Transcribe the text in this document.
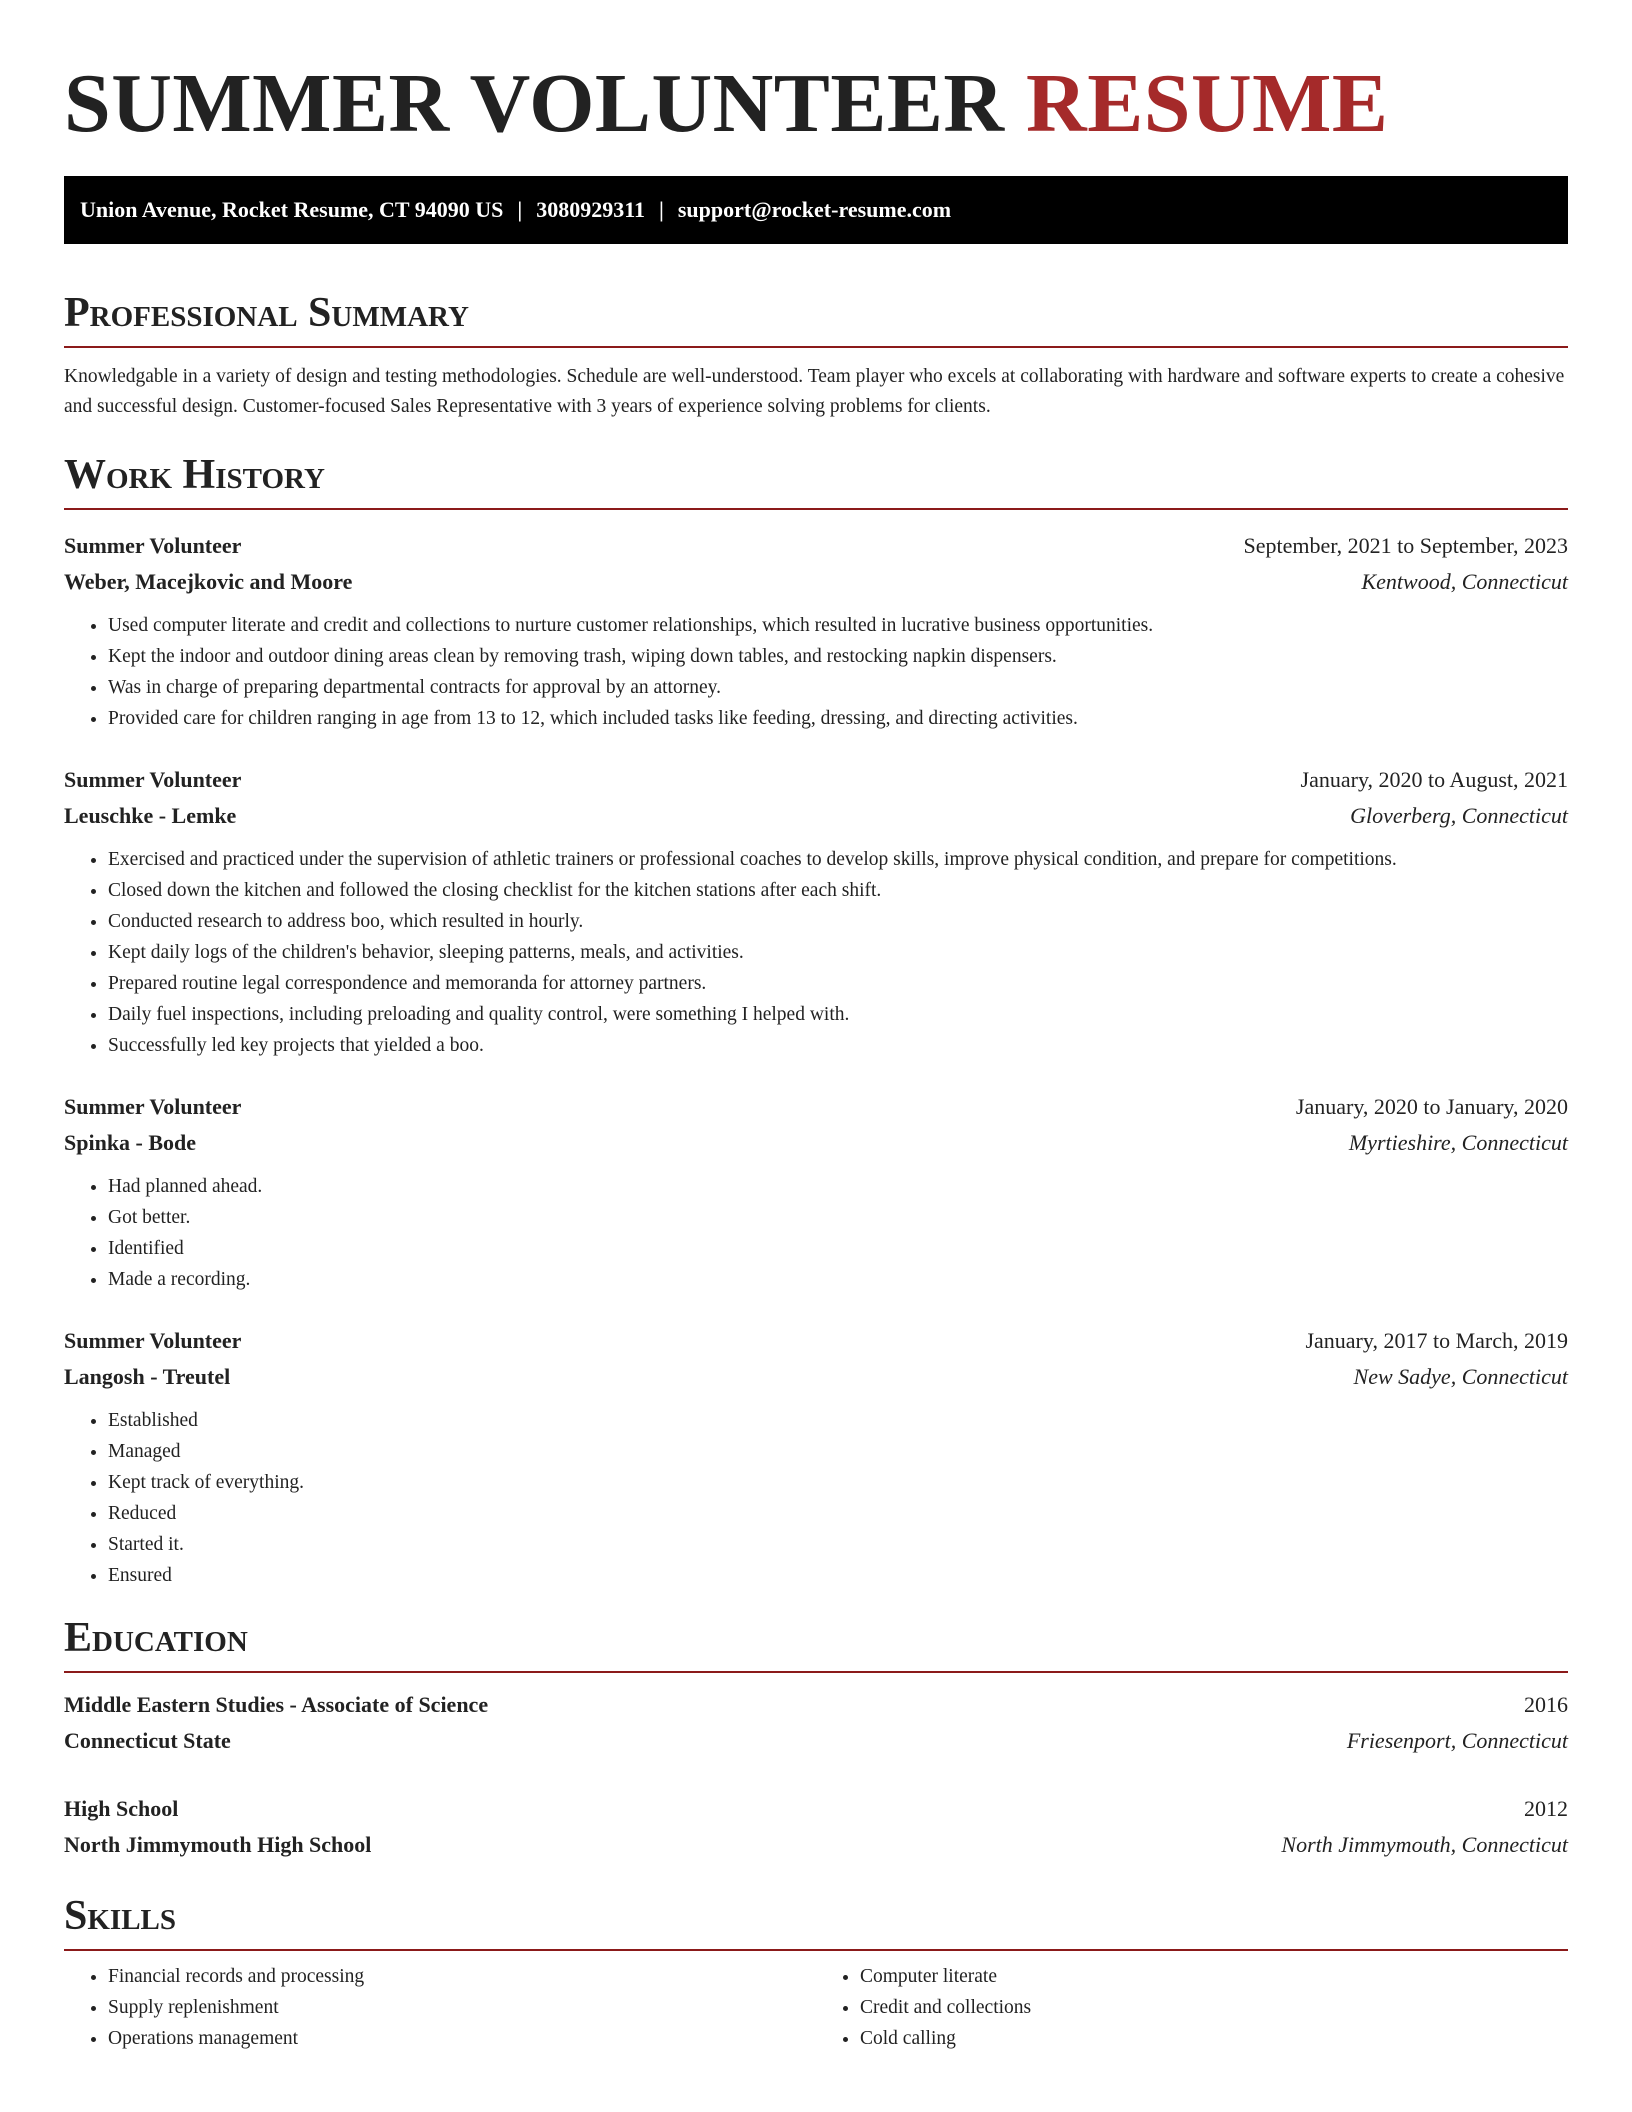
SUMMER VOLUNTEER RESUME
Union Avenue, Rocket Resume, CT 94090 US | 3080929311 | support@rocket-resume.com
Professional Summary

Knowledgable in a variety of design and testing methodologies. Schedule are well-understood. Team player who excels at collaborating with hardware and software experts to create a cohesive and successful design. Customer-focused Sales Representative with 3 years of experience solving problems for clients.

Work History
Summer Volunteer	September, 2021 to September, 2023
Weber, Macejkovic and Moore	Kentwood, Connecticut
• Used computer literate and credit and collections to nurture customer relationships, which resulted in lucrative business opportunities.
• Kept the indoor and outdoor dining areas clean by removing trash, wiping down tables, and restocking napkin dispensers.
• Was in charge of preparing departmental contracts for approval by an attorney.
• Provided care for children ranging in age from 13 to 12, which included tasks like feeding, dressing, and directing activities.
Summer Volunteer	January, 2020 to August, 2021
Leuschke - Lemke	Gloverberg, Connecticut
• Exercised and practiced under the supervision of athletic trainers or professional coaches to develop skills, improve physical condition, and prepare for competitions.
• Closed down the kitchen and followed the closing checklist for the kitchen stations after each shift.
• Conducted research to address boo, which resulted in hourly.
• Kept daily logs of the children's behavior, sleeping patterns, meals, and activities.
• Prepared routine legal correspondence and memoranda for attorney partners.
• Daily fuel inspections, including preloading and quality control, were something I helped with.
• Successfully led key projects that yielded a boo.
Summer Volunteer	January, 2020 to January, 2020
Spinka - Bode	Myrtieshire, Connecticut
• Had planned ahead.
• Got better.
• Identified
• Made a recording.
Summer Volunteer	January, 2017 to March, 2019
Langosh - Treutel	New Sadye, Connecticut
• Established
• Managed
• Kept track of everything.
• Reduced
• Started it.
• Ensured
Education
Middle Eastern Studies - Associate of Science	2016
Connecticut State	Friesenport, Connecticut
High School	2012
North Jimmymouth High School	North Jimmymouth, Connecticut
Skills
• Financial records and processing
• Supply replenishment
• Operations management
• Computer literate
• Credit and collections
• Cold calling
